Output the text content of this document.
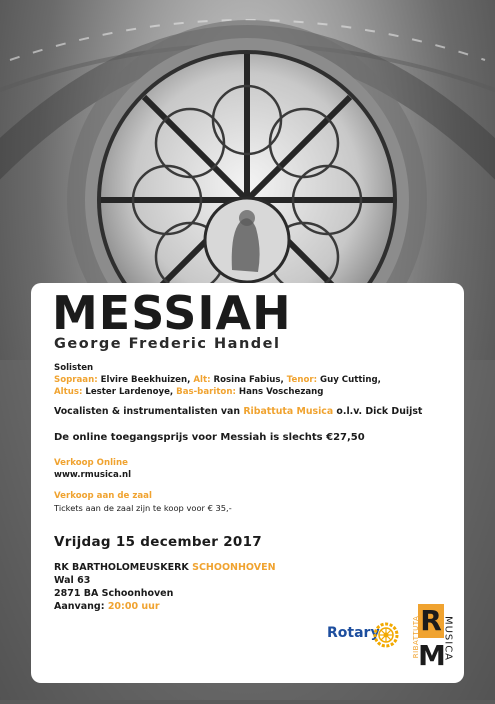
MESSIAH
George Frederic Handel
Solisten
Sopraan: Elvire Beekhuizen, Alt: Rosina Fabius, Tenor: Guy Cutting,
Altus: Lester Lardenoye, Bas-bariton: Hans Voschezang
Vocalisten & instrumentalisten van Ribattuta Musica o.l.v. Dick Duijst
De online toegangsprijs voor Messiah is slechts €27,50
Verkoop Online
www.rmusica.nl
Verkoop aan de zaal
Tickets aan de zaal zijn te koop voor € 35,-
Vrijdag 15 december 2017
RK BARTHOLOMEUSKERK SCHOONHOVEN
Wal 63
2871 BA Schoonhoven
Aanvang: 20:00 uur
Rotary R
M
RIBATTUTA MUSICA
